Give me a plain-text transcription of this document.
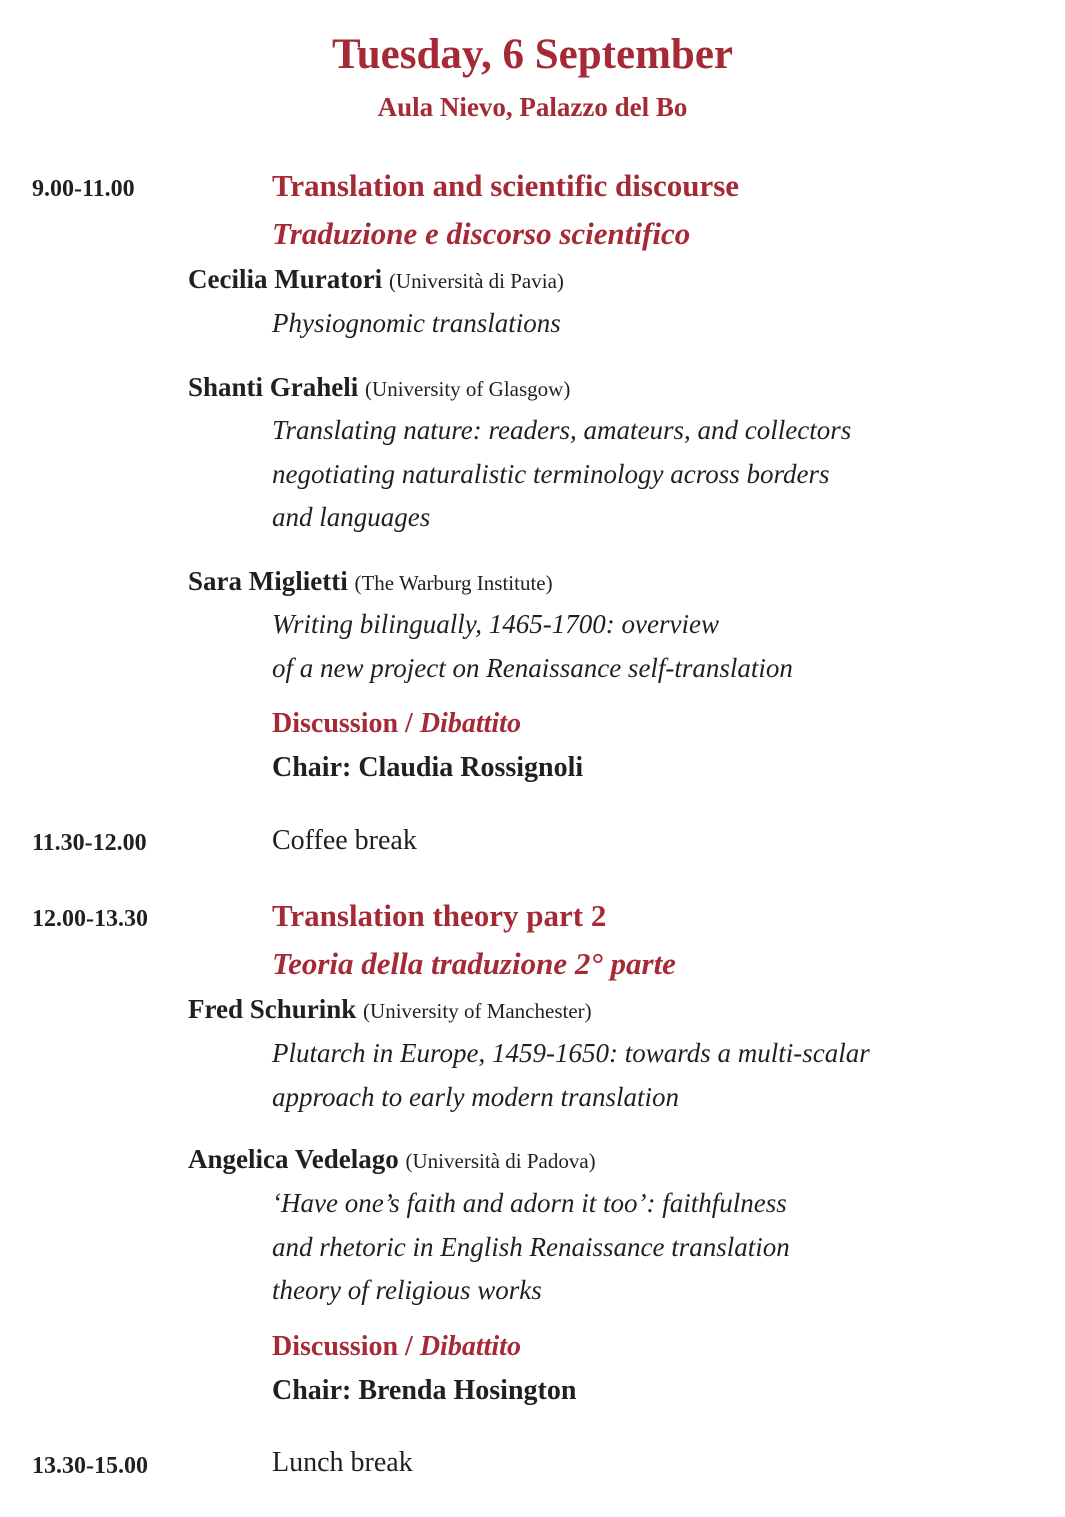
Tuesday, 6 September
Aula Nievo, Palazzo del Bo
9.00-11.00	Translation and scientific discourse
Traduzione e discorso scientifico
Cecilia Muratori (Università di Pavia)
Physiognomic translations
Shanti Graheli (University of Glasgow)
Translating nature: readers, amateurs, and collectors
negotiating naturalistic terminology across borders
and languages
Sara Miglietti (The Warburg Institute)
Writing bilingually, 1465-1700: overview
of a new project on Renaissance self-translation
Discussion / Dibattito
Chair: Claudia Rossignoli
11.30-12.00	Coffee break
12.00-13.30	Translation theory part 2
Teoria della traduzione 2° parte
Fred Schurink (University of Manchester)
Plutarch in Europe, 1459-1650: towards a multi-scalar
approach to early modern translation
Angelica Vedelago (Università di Padova)
‘Have one’s faith and adorn it too’: faithfulness
and rhetoric in English Renaissance translation
theory of religious works
Discussion / Dibattito
Chair: Brenda Hosington
13.30-15.00	Lunch break
